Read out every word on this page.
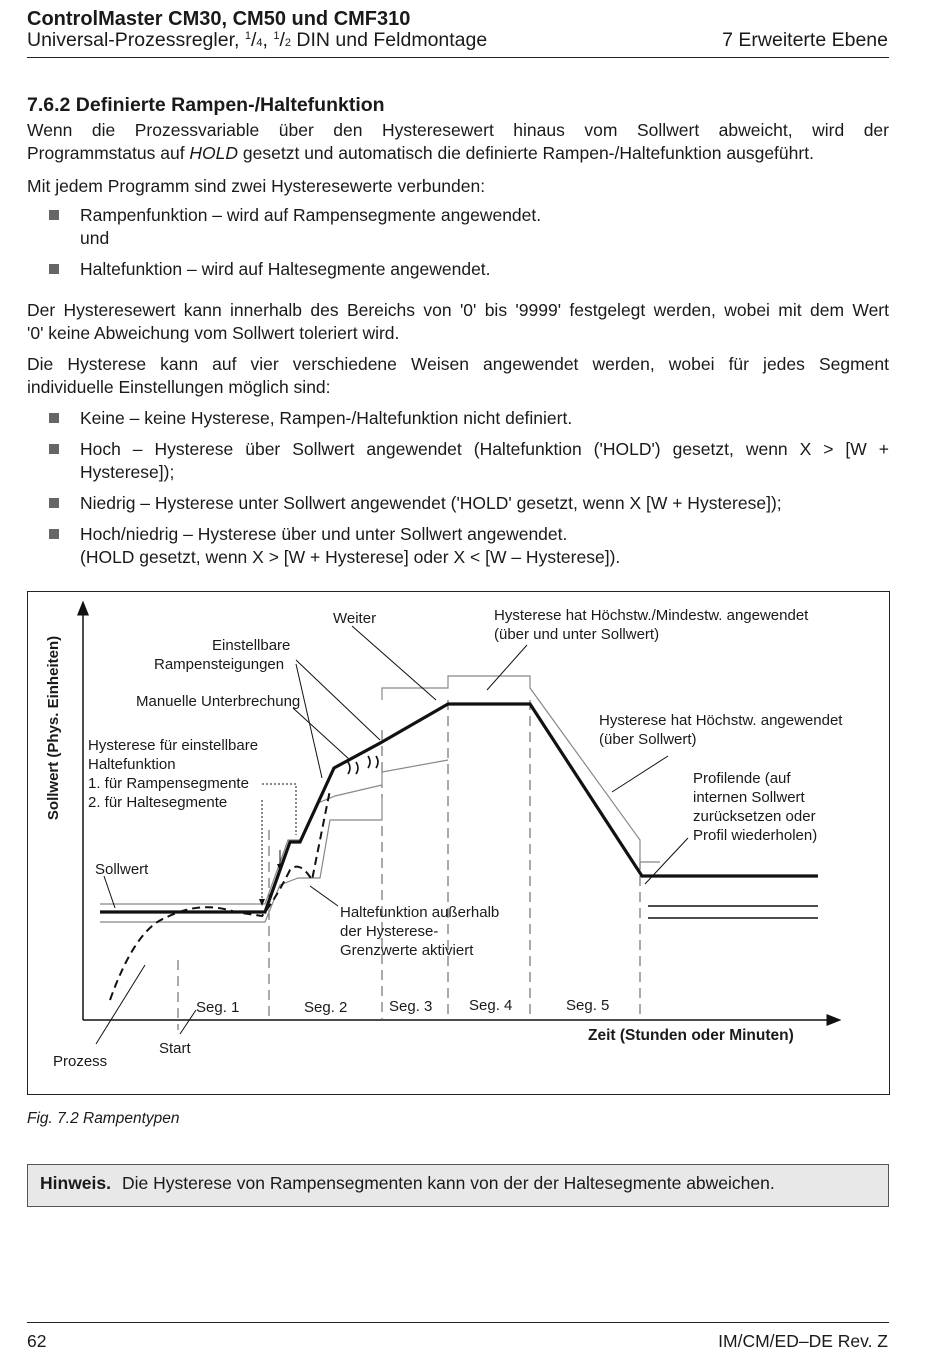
ControlMaster CM30, CM50 und CMF310
Universal-Prozessregler, $^1$/4, $^1$/2 DIN und Feldmontage	7 Erweiterte Ebene
7.6.2 Definierte Rampen-/Haltefunktion
Wenn die Prozessvariable über den Hysteresewert hinaus vom Sollwert abweicht, wird der
Programmstatus auf HOLD gesetzt und automatisch die definierte Rampen-/Haltefunktion ausgeführt.
Mit jedem Programm sind zwei Hysteresewerte verbunden:
Rampenfunktion – wird auf Rampensegmente angewendet.
und
Haltefunktion – wird auf Haltesegmente angewendet.
Der Hysteresewert kann innerhalb des Bereichs von '0' bis '9999' festgelegt werden, wobei mit dem Wert
'0' keine Abweichung vom Sollwert toleriert wird.
Die Hysterese kann auf vier verschiedene Weisen angewendet werden, wobei für jedes Segment
individuelle Einstellungen möglich sind:
Keine – keine Hysterese, Rampen-/Haltefunktion nicht definiert.
Hoch – Hysterese über Sollwert angewendet (Haltefunktion ('HOLD') gesetzt, wenn X > [W +
Hysterese]);
Niedrig – Hysterese unter Sollwert angewendet ('HOLD' gesetzt, wenn X [W + Hysterese]);
Hoch/niedrig – Hysterese über und unter Sollwert angewendet.
(HOLD gesetzt, wenn X > [W + Hysterese] oder X < [W – Hysterese]).
Sollwert (Phys. Einheiten)
Zeit (Stunden oder Minuten)
Weiter	Hysterese hat Höchstw./Mindestw. angewendet
(über und unter Sollwert)
Einstellbare
Rampensteigungen
Manuelle Unterbrechung
Hysterese hat Höchstw. angewendet
(über Sollwert)
Hysterese für einstellbare
Haltefunktion
1. für Rampensegmente
2. für Haltesegmente
Profilende (auf
internen Sollwert
zurücksetzen oder
Profil wiederholen)
Sollwert
Haltefunktion außerhalb
der Hysterese-
Grenzwerte aktiviert
Prozess
Start
Seg. 1	Seg. 2	Seg. 3 Seg. 4	Seg. 5
Fig. 7.2 Rampentypen
Hinweis. Die Hysterese von Rampensegmenten kann von der der Haltesegmente abweichen.
62	IM/CM/ED–DE Rev. Z
